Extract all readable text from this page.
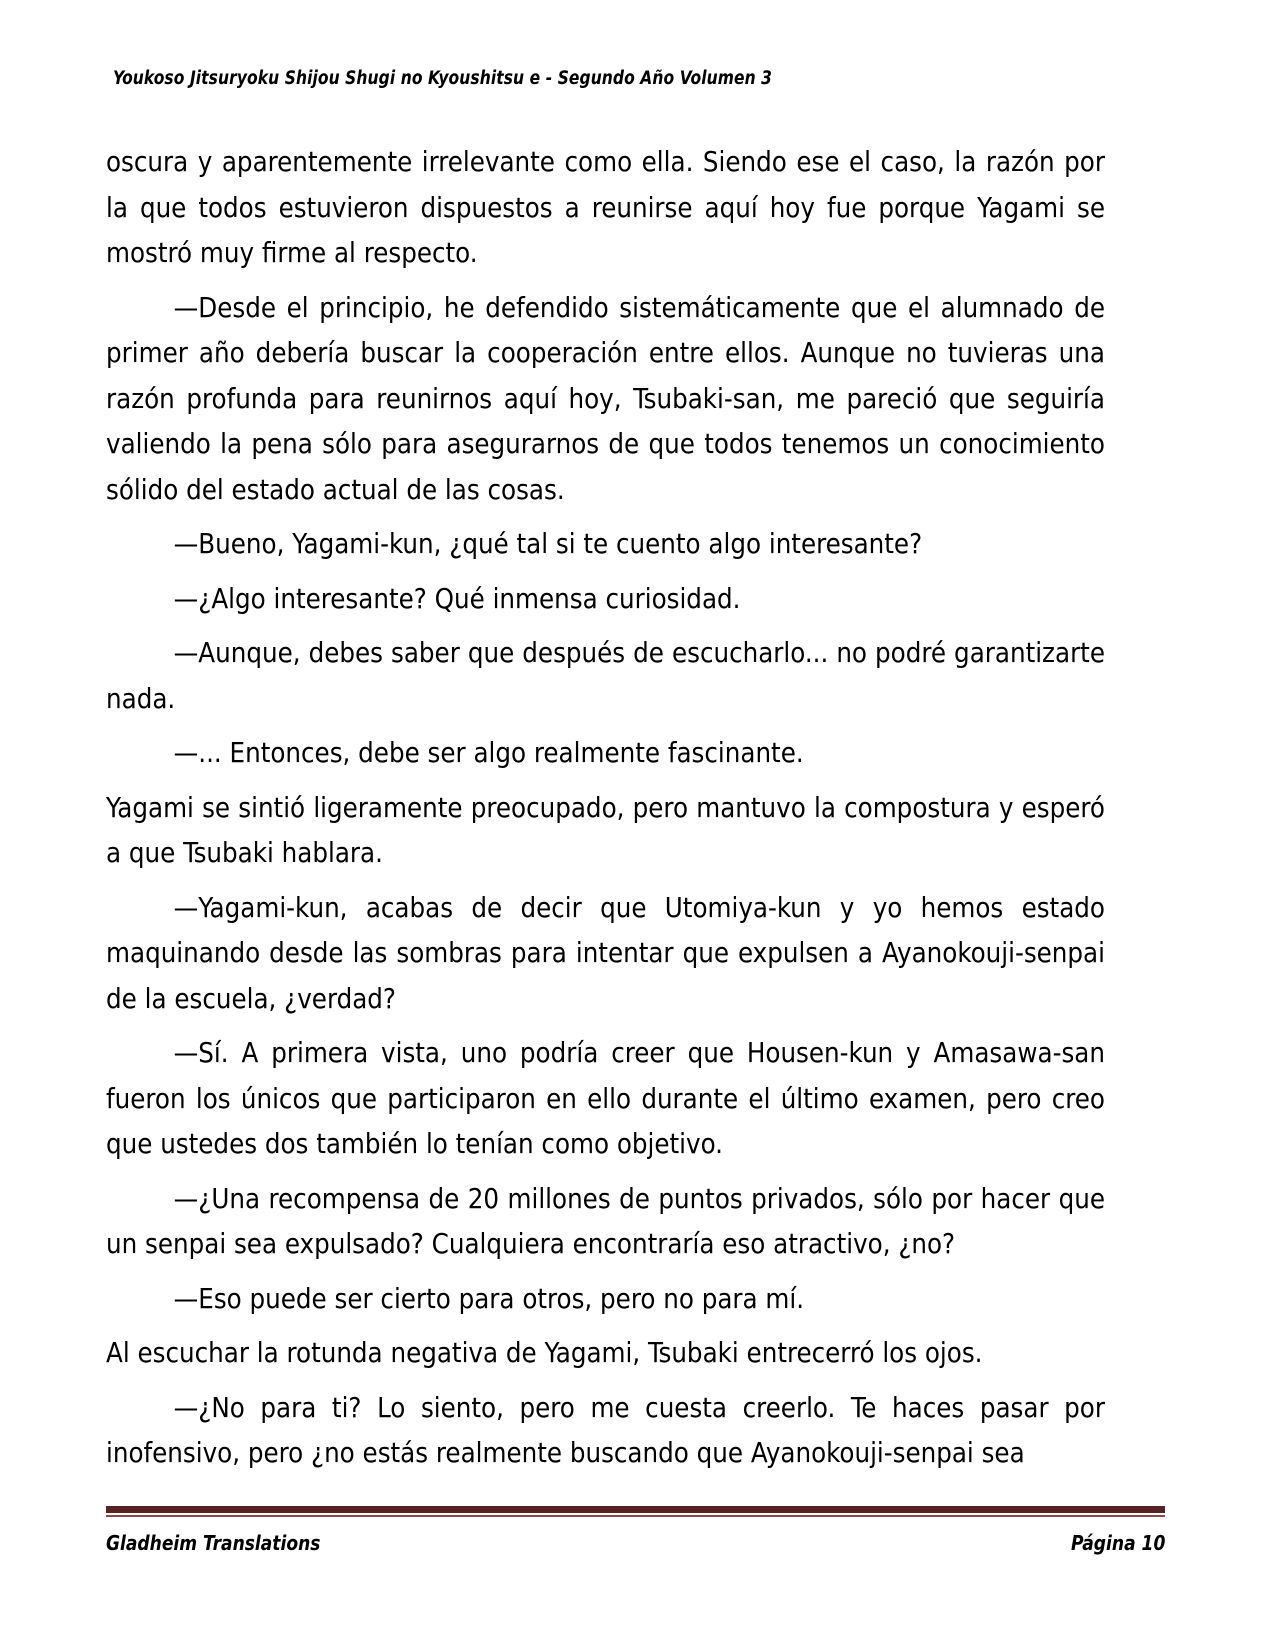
Youkoso Jitsuryoku Shijou Shugi no Kyoushitsu e - Segundo Año Volumen 3

oscura y aparentemente irrelevante como ella. Siendo ese el caso, la razón por la que todos estuvieron dispuestos a reunirse aquí hoy fue porque Yagami se mostró muy firme al respecto.

—Desde el principio, he defendido sistemáticamente que el alumnado de primer año debería buscar la cooperación entre ellos. Aunque no tuvieras una razón profunda para reunirnos aquí hoy, Tsubaki-san, me pareció que seguiría valiendo la pena sólo para asegurarnos de que todos tenemos un conocimiento sólido del estado actual de las cosas.

—Bueno, Yagami-kun, ¿qué tal si te cuento algo interesante?

—¿Algo interesante? Qué inmensa curiosidad.

—Aunque, debes saber que después de escucharlo... no podré garantizarte nada.

—... Entonces, debe ser algo realmente fascinante.

Yagami se sintió ligeramente preocupado, pero mantuvo la compostura y esperó a que Tsubaki hablara.

—Yagami-kun, acabas de decir que Utomiya-kun y yo hemos estado maquinando desde las sombras para intentar que expulsen a Ayanokouji-senpai de la escuela, ¿verdad?

—Sí. A primera vista, uno podría creer que Housen-kun y Amasawa-san fueron los únicos que participaron en ello durante el último examen, pero creo que ustedes dos también lo tenían como objetivo.

—¿Una recompensa de 20 millones de puntos privados, sólo por hacer que un senpai sea expulsado? Cualquiera encontraría eso atractivo, ¿no?

—Eso puede ser cierto para otros, pero no para mí.

Al escuchar la rotunda negativa de Yagami, Tsubaki entrecerró los ojos.

—¿No para ti? Lo siento, pero me cuesta creerlo. Te haces pasar por inofensivo, pero ¿no estás realmente buscando que Ayanokouji-senpai sea

Gladheim Translations	Página 10
